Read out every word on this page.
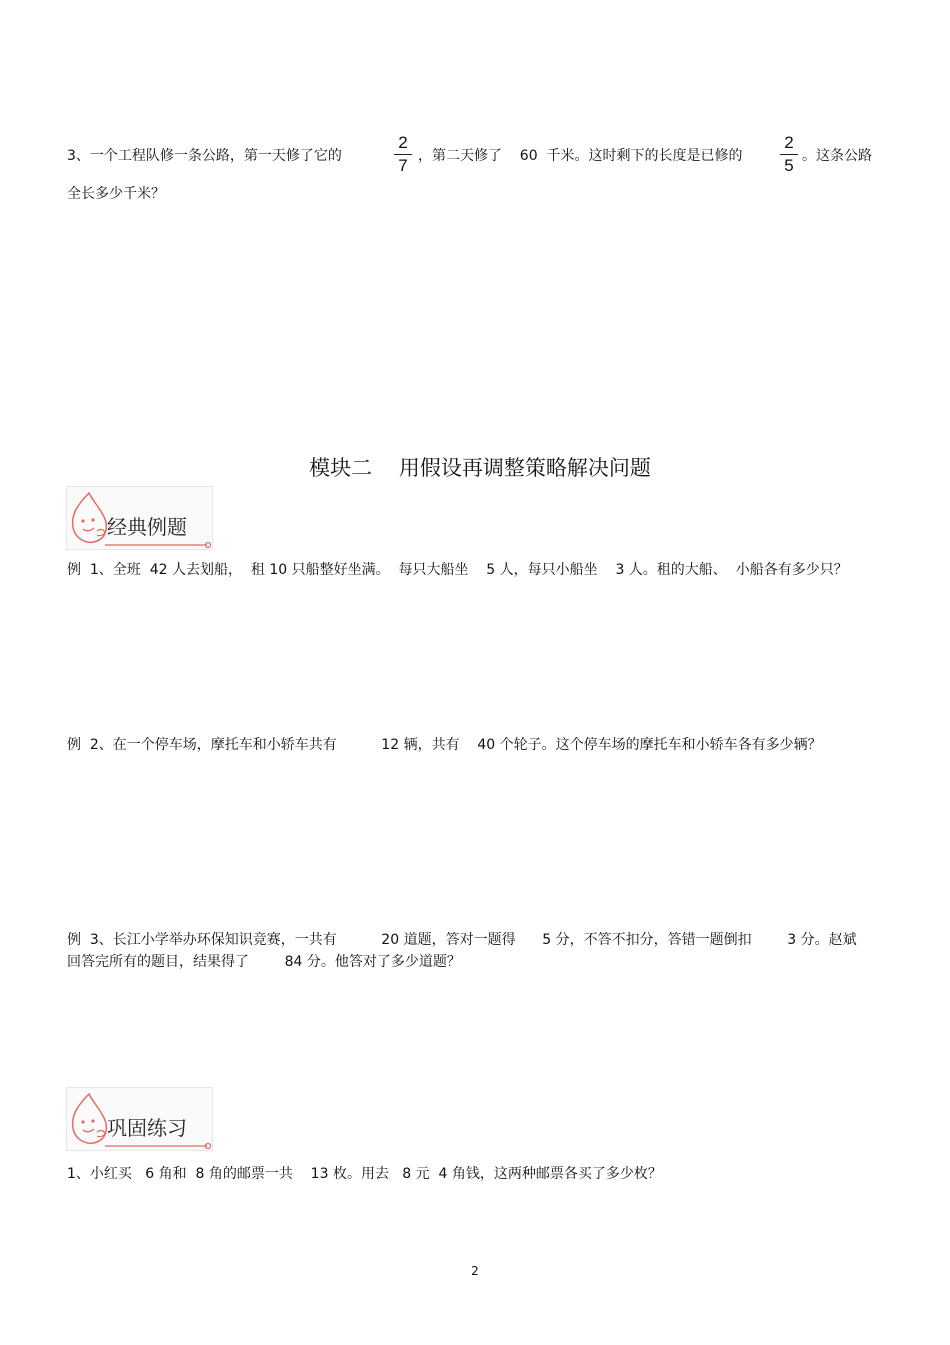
3、一个工程队修一条公路，第一天修了它的
2
7 ，第二天修了    60  千米。这时剩下的长度是已修的
2
5 。这条公路
全长多少千米？
模块二    用假设再调整策略解决问题
经典例题
例  1、全班  42 人去划船，  租 10 只船整好坐满。  每只大船坐    5 人，每只小船坐    3 人。租的大船、  小船各有多少只？
例  2、在一个停车场，摩托车和小轿车共有          12 辆，共有    40 个轮子。这个停车场的摩托车和小轿车各有多少辆？
例  3、长江小学举办环保知识竞赛，一共有          20 道题，答对一题得      5 分，不答不扣分，答错一题倒扣        3 分。赵斌
回答完所有的题目，结果得了        84 分。他答对了多少道题？
巩固练习
1、小红买   6 角和  8 角的邮票一共    13 枚。用去   8 元  4 角钱，这两种邮票各买了多少枚？
2
